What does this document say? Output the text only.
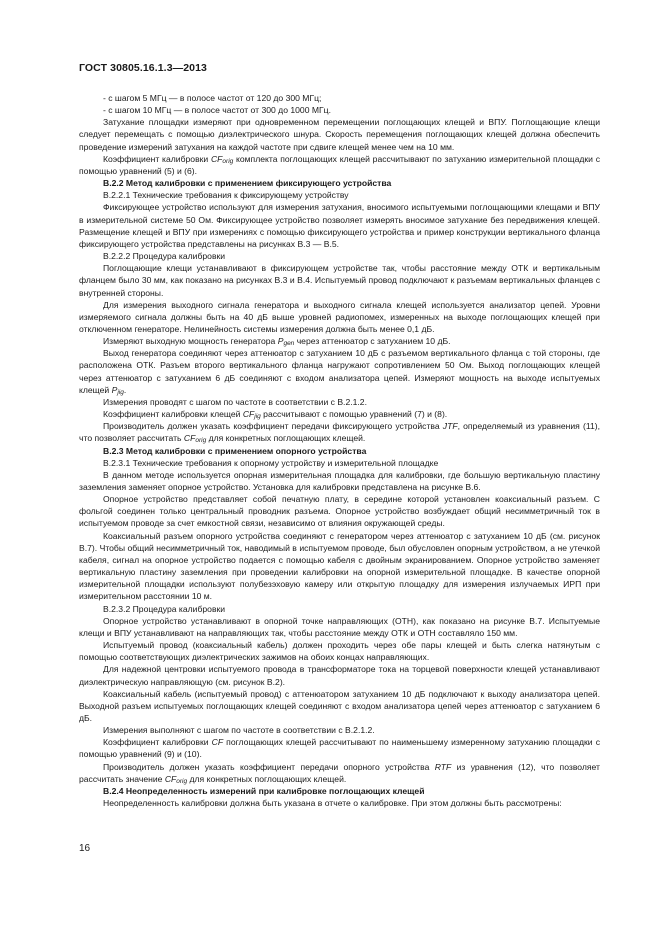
ГОСТ 30805.16.1.3—2013

- с шагом 5 МГц — в полосе частот от 120 до 300 МГц;

- с шагом 10 МГц — в полосе частот от 300 до 1000 МГц.

Затухание площадки измеряют при одновременном перемещении поглощающих клещей и ВПУ. Поглощающие клещи следует перемещать с помощью диэлектрического шнура. Скорость перемещения поглощающих клещей должна обеспечить проведение измерений затухания на каждой частоте при сдвиге клещей менее чем на 10 мм.

Коэффициент калибровки $CF_{orig}$ комплекта поглощающих клещей рассчитывают по затуханию измерительной площадки с помощью уравнений (5) и (6).

В.2.2 Метод калибровки с применением фиксирующего устройства

В.2.2.1 Технические требования к фиксирующему устройству

Фиксирующее устройство используют для измерения затухания, вносимого испытуемыми поглощающими клещами и ВПУ в измерительной системе 50 Ом. Фиксирующее устройство позволяет измерять вносимое затухание без передвижения клещей. Размещение клещей и ВПУ при измерениях с помощью фиксирующего устройства и пример конструкции вертикального фланца фиксирующего устройства представлены на рисунках В.3 — В.5.

В.2.2.2 Процедура калибровки

Поглощающие клещи устанавливают в фиксирующем устройстве так, чтобы расстояние между ОТК и вертикальным фланцем было 30 мм, как показано на рисунках В.3 и В.4. Испытуемый провод подключают к разъемам вертикальных фланцев с внутренней стороны.

Для измерения выходного сигнала генератора и выходного сигнала клещей используется анализатор цепей. Уровни измеряемого сигнала должны быть на 40 дБ выше уровней радиопомех, измеренных на выходе поглощающих клещей при отключенном генераторе. Нелинейность системы измерения должна быть менее 0,1 дБ.

Измеряют выходную мощность генератора $P_{gen}$ через аттенюатор с затуханием 10 дБ.

Выход генератора соединяют через аттенюатор с затуханием 10 дБ с разъемом вертикального фланца с той стороны, где расположена ОТК. Разъем второго вертикального фланца нагружают сопротивлением 50 Ом. Выход поглощающих клещей через аттенюатор с затуханием 6 дБ соединяют с входом анализатора цепей. Измеряют мощность на выходе испытуемых клещей $P_{jig}$.

Измерения проводят с шагом по частоте в соответствии с В.2.1.2.

Коэффициент калибровки клещей $CF_{jig}$ рассчитывают с помощью уравнений (7) и (8).

Производитель должен указать коэффициент передачи фиксирующего устройства JTF, определяемый из уравнения (11), что позволяет рассчитать $CF_{orig}$ для конкретных поглощающих клещей.

В.2.3 Метод калибровки с применением опорного устройства

В.2.3.1 Технические требования к опорному устройству и измерительной площадке

В данном методе используется опорная измерительная площадка для калибровки, где большую вертикальную пластину заземления заменяет опорное устройство. Установка для калибровки представлена на рисунке В.6.

Опорное устройство представляет собой печатную плату, в середине которой установлен коаксиальный разъем. С фольгой соединен только центральный проводник разъема. Опорное устройство возбуждает общий несимметричный ток в испытуемом проводе за счет емкостной связи, независимо от влияния окружающей среды.

Коаксиальный разъем опорного устройства соединяют с генератором через аттенюатор с затуханием 10 дБ (см. рисунок В.7). Чтобы общий несимметричный ток, наводимый в испытуемом проводе, был обусловлен опорным устройством, а не утечкой кабеля, сигнал на опорное устройство подается с помощью кабеля с двойным экранированием. Опорное устройство заменяет вертикальную пластину заземления при проведении калибровки на опорной измерительной площадке. В качестве опорной измерительной площадки используют полубезэховую камеру или открытую площадку для измерения излучаемых ИРП при измерительном расстоянии 10 м.

В.2.3.2 Процедура калибровки

Опорное устройство устанавливают в опорной точке направляющих (ОТН), как показано на рисунке В.7. Испытуемые клещи и ВПУ устанавливают на направляющих так, чтобы расстояние между ОТК и ОТН составляло 150 мм.

Испытуемый провод (коаксиальный кабель) должен проходить через обе пары клещей и быть слегка натянутым с помощью соответствующих диэлектрических зажимов на обоих концах направляющих.

Для надежной центровки испытуемого провода в трансформаторе тока на торцевой поверхности клещей устанавливают диэлектрическую направляющую (см. рисунок В.2).

Коаксиальный кабель (испытуемый провод) с аттенюатором затуханием 10 дБ подключают к выходу анализатора цепей. Выходной разъем испытуемых поглощающих клещей соединяют с входом анализатора цепей через аттенюатор с затуханием 6 дБ.

Измерения выполняют с шагом по частоте в соответствии с В.2.1.2.

Коэффициент калибровки CF поглощающих клещей рассчитывают по наименьшему измеренному затуханию площадки с помощью уравнений (9) и (10).

Производитель должен указать коэффициент передачи опорного устройства RTF из уравнения (12), что позволяет рассчитать значение $CF_{orig}$ для конкретных поглощающих клещей.

В.2.4 Неопределенность измерений при калибровке поглощающих клещей

Неопределенность калибровки должна быть указана в отчете о калибровке. При этом должны быть рассмотрены:

16
